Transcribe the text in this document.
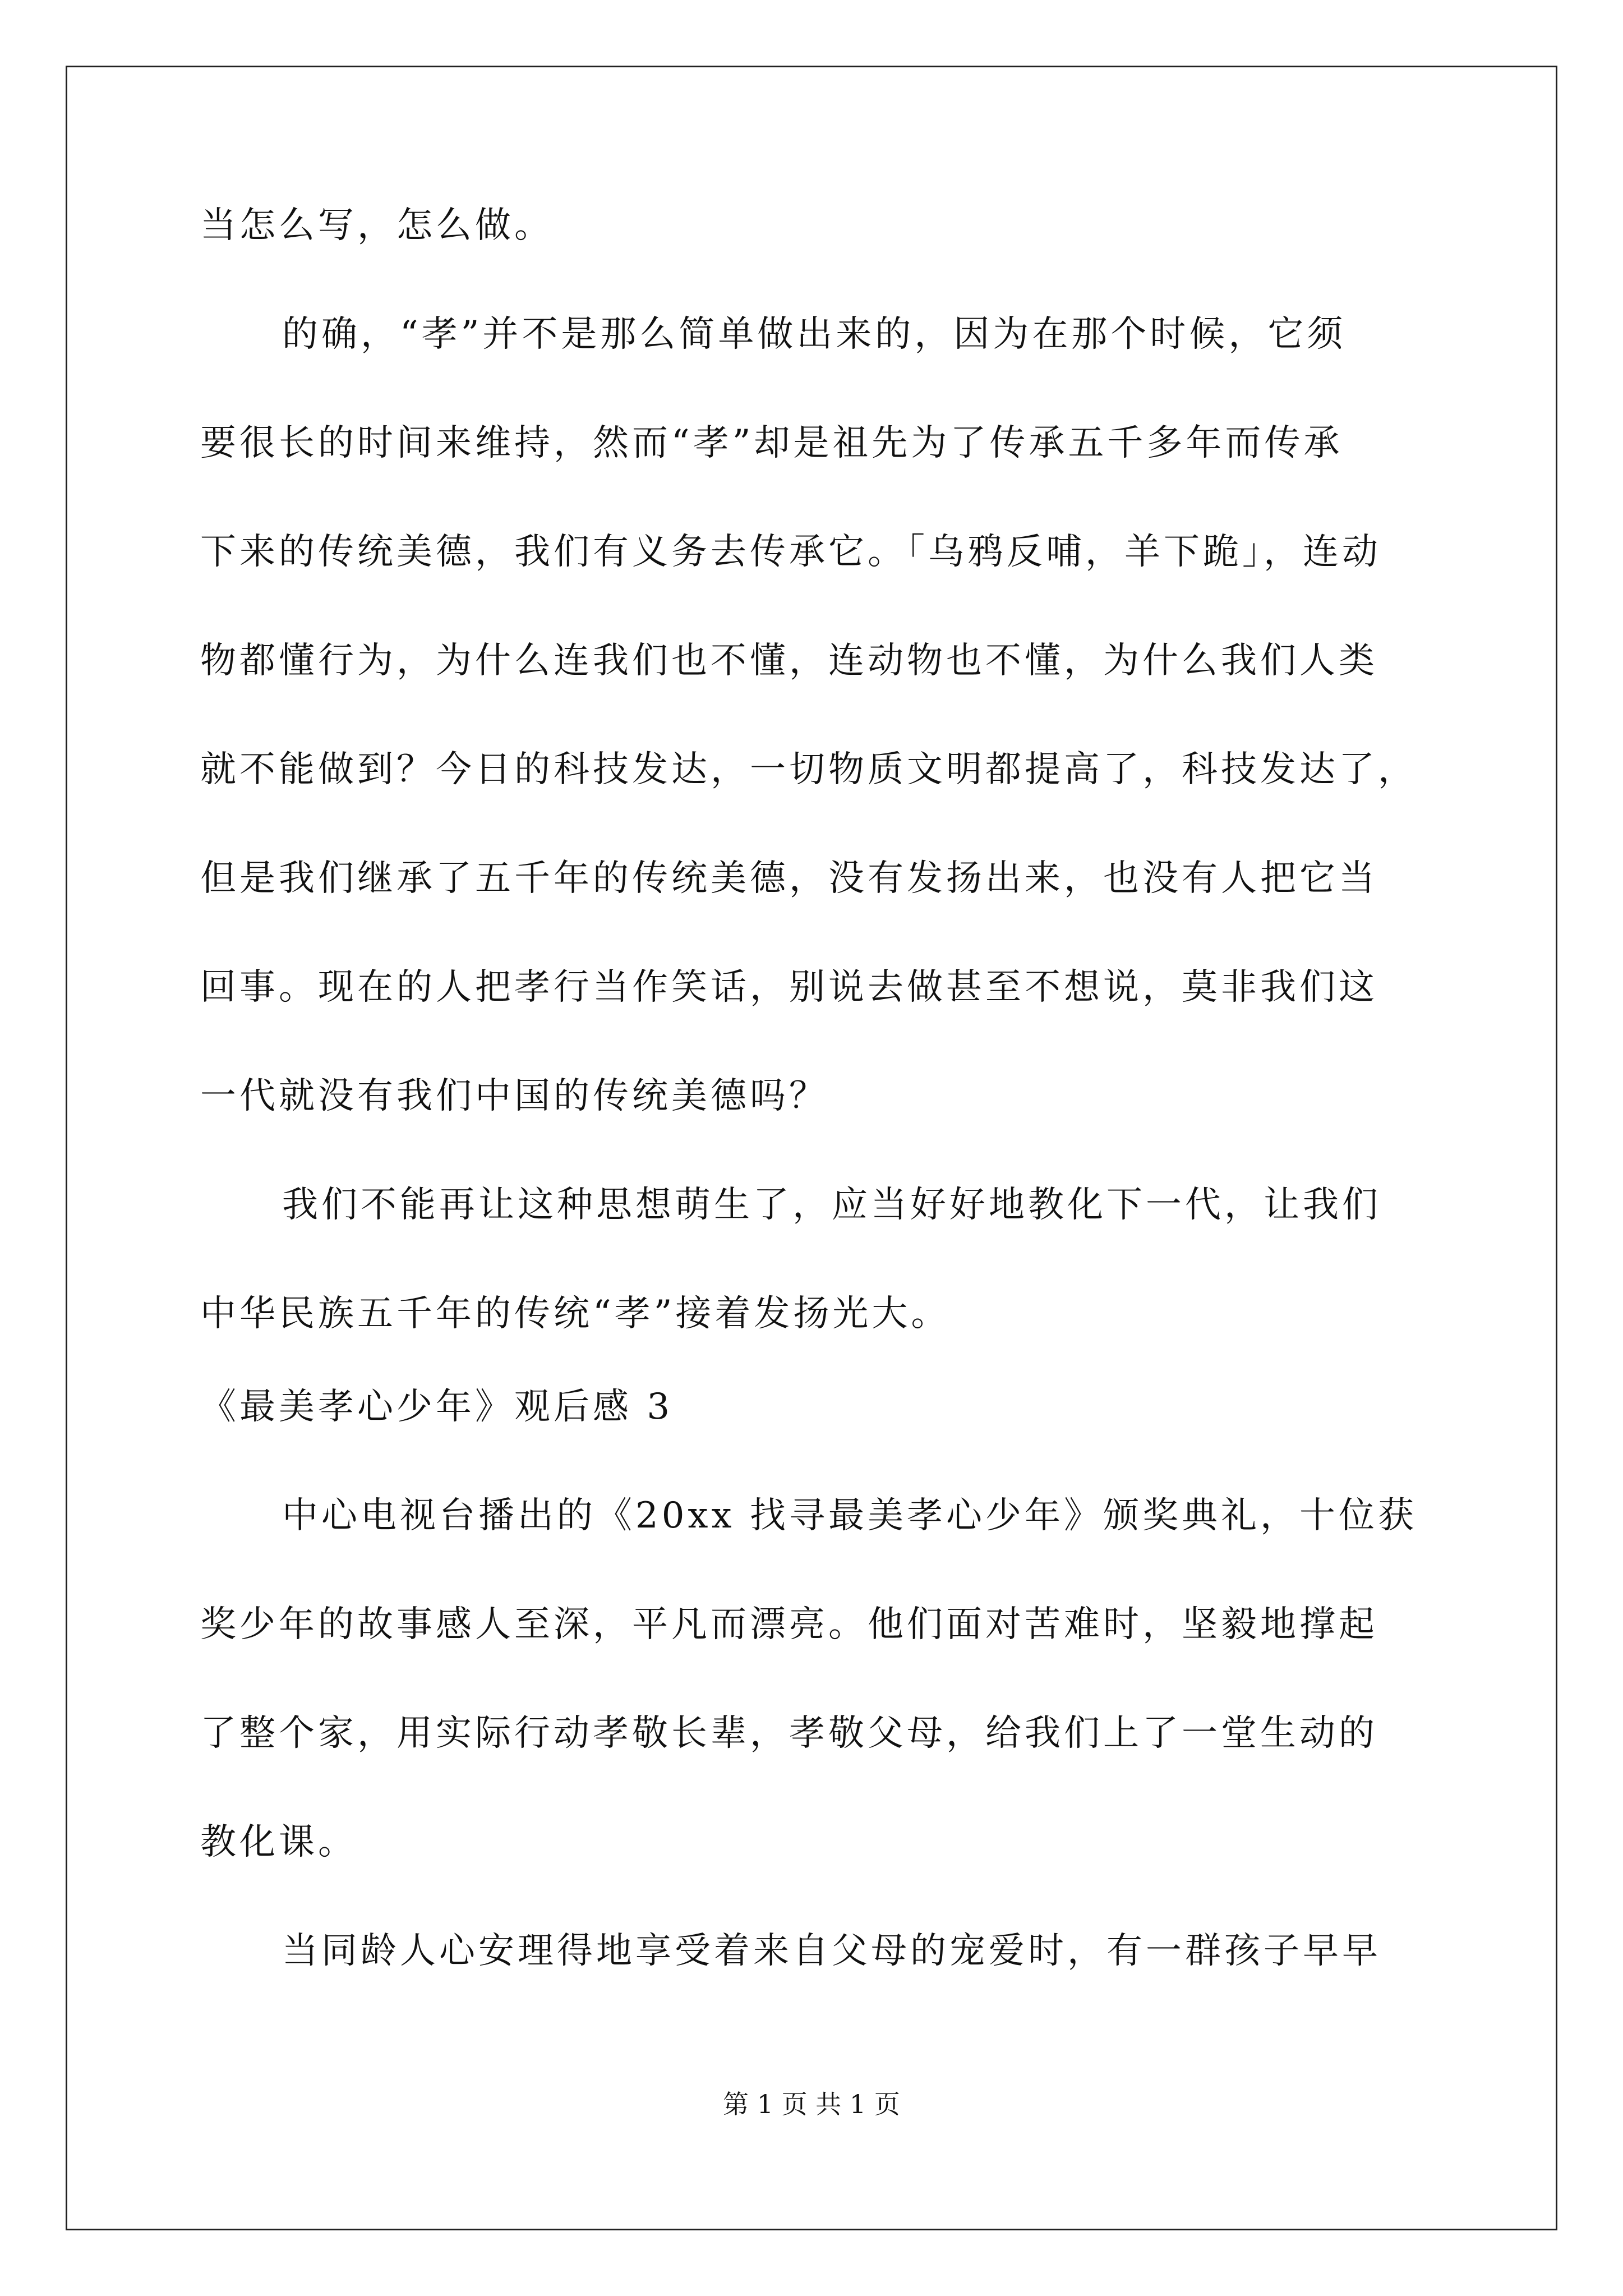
当怎么写，怎么做。

的确，“孝”并不是那么简单做出来的，因为在那个时候，它须

要很长的时间来维持，然而“孝”却是祖先为了传承五千多年而传承

下来的传统美德，我们有义务去传承它。「乌鸦反哺，羊下跪」，连动

物都懂行为，为什么连我们也不懂，连动物也不懂，为什么我们人类

就不能做到？今日的科技发达，一切物质文明都提高了，科技发达了，

但是我们继承了五千年的传统美德，没有发扬出来，也没有人把它当

回事。现在的人把孝行当作笑话，别说去做甚至不想说，莫非我们这

一代就没有我们中国的传统美德吗？

我们不能再让这种思想萌生了，应当好好地教化下一代，让我们

中华民族五千年的传统“孝”接着发扬光大。

《最美孝心少年》观后感 3

中心电视台播出的《20xx 找寻最美孝心少年》颁奖典礼，十位获

奖少年的故事感人至深，平凡而漂亮。他们面对苦难时，坚毅地撑起

了整个家，用实际行动孝敬长辈，孝敬父母，给我们上了一堂生动的

教化课。

当同龄人心安理得地享受着来自父母的宠爱时，有一群孩子早早

第 1 页 共 1 页
